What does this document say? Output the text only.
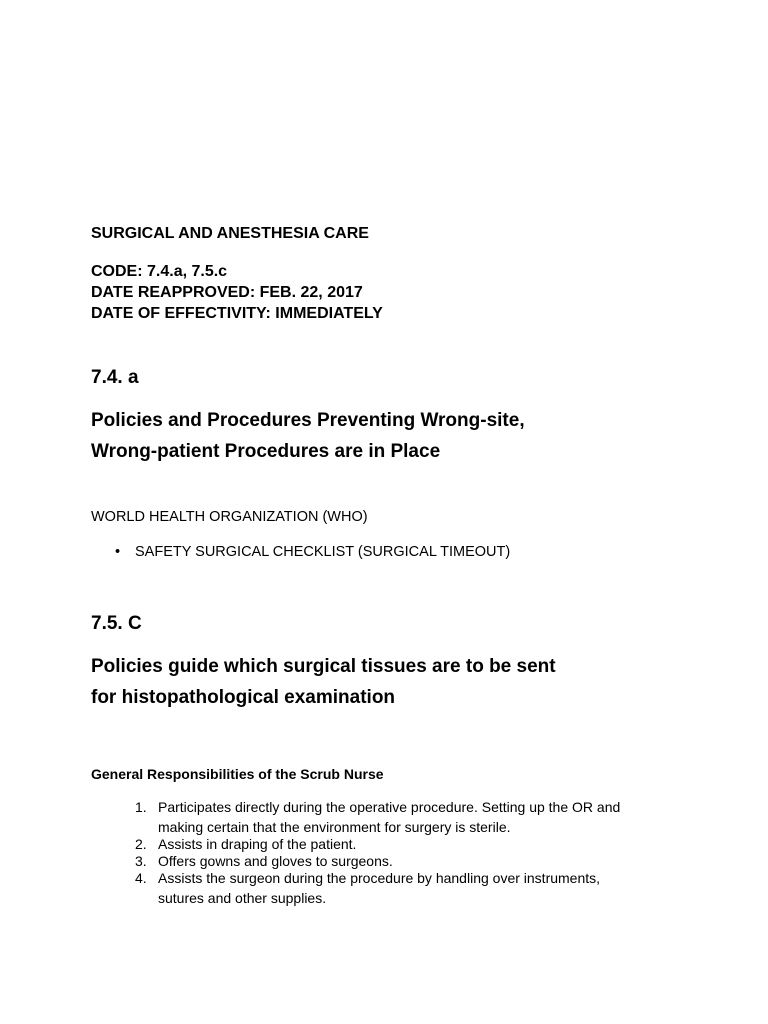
SURGICAL AND ANESTHESIA CARE
CODE: 7.4.a, 7.5.c
DATE REAPPROVED: FEB. 22, 2017
DATE OF EFFECTIVITY: IMMEDIATELY
7.4. a
Policies and Procedures Preventing Wrong-site,
Wrong-patient Procedures are in Place
WORLD HEALTH ORGANIZATION (WHO)
• SAFETY SURGICAL CHECKLIST (SURGICAL TIMEOUT)
7.5. C
Policies guide which surgical tissues are to be sent
for histopathological examination
General Responsibilities of the Scrub Nurse
1. Participates directly during the operative procedure. Setting up the OR and
making certain that the environment for surgery is sterile.
2. Assists in draping of the patient.
3. Offers gowns and gloves to surgeons.
4. Assists the surgeon during the procedure by handling over instruments,
sutures and other supplies.
